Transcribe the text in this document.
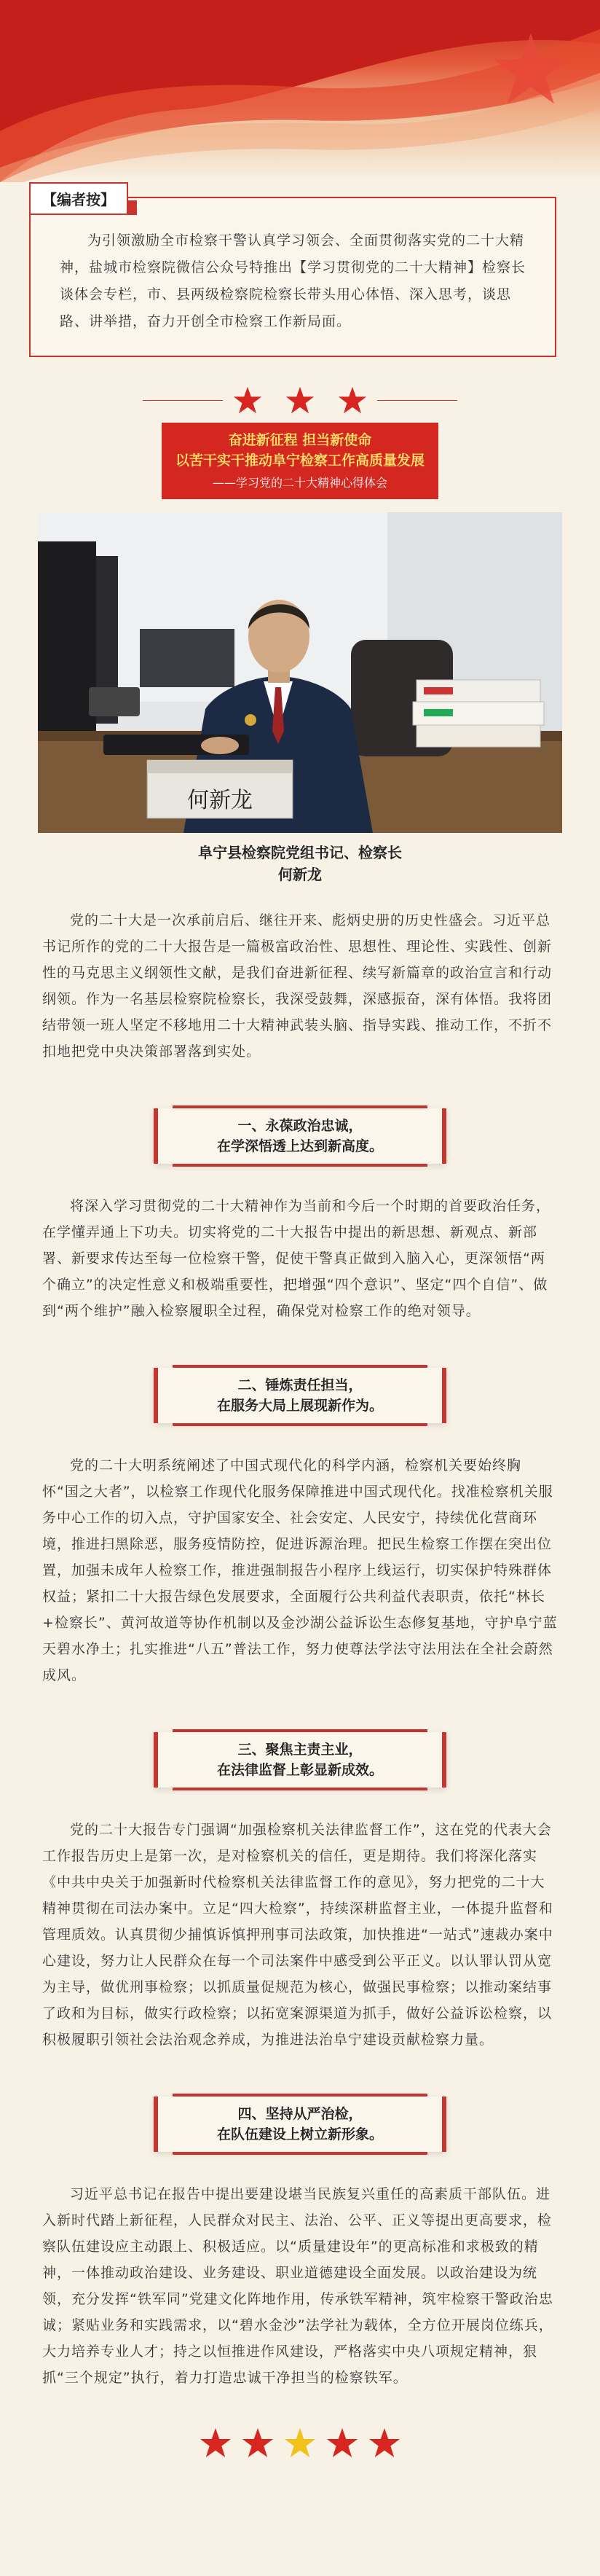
【编者按】
为引领激励全市检察干警认真学习领会、全面贯彻落实党的二十大精神，盐城市检察院微信公众号特推出【学习贯彻党的二十大精神】检察长谈体会专栏，市、县两级检察院检察长带头用心体悟、深入思考，谈思路、讲举措，奋力开创全市检察工作新局面。
奋进新征程 担当新使命
以苦干实干推动阜宁检察工作高质量发展
——学习党的二十大精神心得体会
何新龙
阜宁县检察院党组书记、检察长
何新龙
党的二十大是一次承前启后、继往开来、彪炳史册的历史性盛会。习近平总书记所作的党的二十大报告是一篇极富政治性、思想性、理论性、实践性、创新性的马克思主义纲领性文献，是我们奋进新征程、续写新篇章的政治宣言和行动纲领。作为一名基层检察院检察长，我深受鼓舞，深感振奋，深有体悟。我将团结带领一班人坚定不移地用二十大精神武装头脑、指导实践、推动工作，不折不扣地把党中央决策部署落到实处。
一、永葆政治忠诚，
在学深悟透上达到新高度。
将深入学习贯彻党的二十大精神作为当前和今后一个时期的首要政治任务，在学懂弄通上下功夫。切实将党的二十大报告中提出的新思想、新观点、新部署、新要求传达至每一位检察干警，促使干警真正做到入脑入心，更深领悟“两个确立”的决定性意义和极端重要性，把增强“四个意识”、坚定“四个自信”、做到“两个维护”融入检察履职全过程，确保党对检察工作的绝对领导。
二、锤炼责任担当，
在服务大局上展现新作为。
党的二十大明系统阐述了中国式现代化的科学内涵，检察机关要始终胸怀“国之大者”，以检察工作现代化服务保障推进中国式现代化。找准检察机关服务中心工作的切入点，守护国家安全、社会安定、人民安宁，持续优化营商环境，推进扫黑除恶，服务疫情防控，促进诉源治理。把民生检察工作摆在突出位置，加强未成年人检察工作，推进强制报告小程序上线运行，切实保护特殊群体权益；紧扣二十大报告绿色发展要求，全面履行公共利益代表职责，依托“林长+检察长”、黄河故道等协作机制以及金沙湖公益诉讼生态修复基地，守护阜宁蓝天碧水净土；扎实推进“八五”普法工作，努力使尊法学法守法用法在全社会蔚然成风。
三、聚焦主责主业，
在法律监督上彰显新成效。
党的二十大报告专门强调“加强检察机关法律监督工作”，这在党的代表大会工作报告历史上是第一次，是对检察机关的信任，更是期待。我们将深化落实《中共中央关于加强新时代检察机关法律监督工作的意见》，努力把党的二十大精神贯彻在司法办案中。立足“四大检察”，持续深耕监督主业，一体提升监督和管理质效。认真贯彻少捕慎诉慎押刑事司法政策，加快推进“一站式”速裁办案中心建设，努力让人民群众在每一个司法案件中感受到公平正义。以认罪认罚从宽为主导，做优刑事检察；以抓质量促规范为核心，做强民事检察；以推动案结事了政和为目标，做实行政检察；以拓宽案源渠道为抓手，做好公益诉讼检察，以积极履职引领社会法治观念养成，为推进法治阜宁建设贡献检察力量。
四、坚持从严治检，
在队伍建设上树立新形象。
习近平总书记在报告中提出要建设堪当民族复兴重任的高素质干部队伍。进入新时代踏上新征程，人民群众对民主、法治、公平、正义等提出更高要求，检察队伍建设应主动跟上、积极适应。以“质量建设年”的更高标准和求极致的精神，一体推动政治建设、业务建设、职业道德建设全面发展。以政治建设为统领，充分发挥“铁军同”党建文化阵地作用，传承铁军精神，筑牢检察干警政治忠诚；紧贴业务和实践需求，以“碧水金沙”法学社为载体，全方位开展岗位练兵，大力培养专业人才；持之以恒推进作风建设，严格落实中央八项规定精神，狠抓“三个规定”执行，着力打造忠诚干净担当的检察铁军。
